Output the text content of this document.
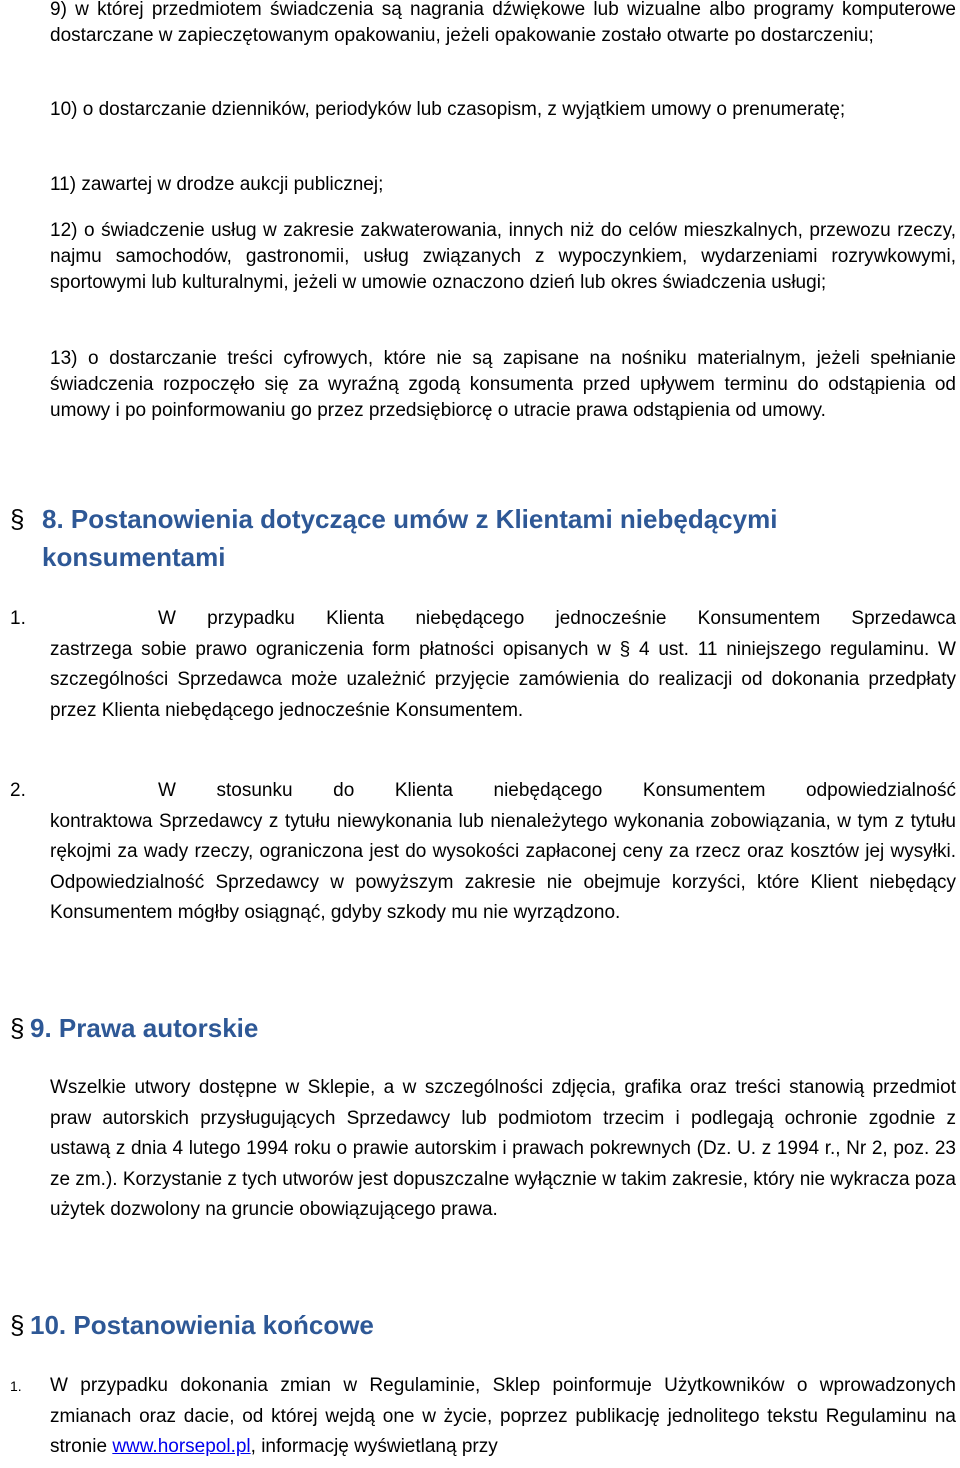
9) w której przedmiotem świadczenia są nagrania dźwiękowe lub wizualne albo programy komputerowe dostarczane w zapieczętowanym opakowaniu, jeżeli opakowanie zostało otwarte po dostarczeniu;
10) o dostarczanie dzienników, periodyków lub czasopism, z wyjątkiem umowy o prenumeratę;
11) zawartej w drodze aukcji publicznej;
12) o świadczenie usług w zakresie zakwaterowania, innych niż do celów mieszkalnych, przewozu rzeczy, najmu samochodów, gastronomii, usług związanych z wypoczynkiem, wydarzeniami rozrywkowymi, sportowymi lub kulturalnymi, jeżeli w umowie oznaczono dzień lub okres świadczenia usługi;
13) o dostarczanie treści cyfrowych, które nie są zapisane na nośniku materialnym, jeżeli spełnianie świadczenia rozpoczęło się za wyraźną zgodą konsumenta przed upływem terminu do odstąpienia od umowy i po poinformowaniu go przez przedsiębiorcę o utracie prawa odstąpienia od umowy.
§ 8. Postanowienia dotyczące umów z Klientami niebędącymi konsumentami
1.	W przypadku Klienta niebędącego jednocześnie Konsumentem Sprzedawca
zastrzega sobie prawo ograniczenia form płatności opisanych w § 4 ust. 11 niniejszego regulaminu. W szczególności Sprzedawca może uzależnić przyjęcie zamówienia do realizacji od dokonania przedpłaty przez Klienta niebędącego jednocześnie Konsumentem.
2.	W stosunku do Klienta niebędącego Konsumentem odpowiedzialność
kontraktowa Sprzedawcy z tytułu niewykonania lub nienależytego wykonania zobowiązania, w tym z tytułu rękojmi za wady rzeczy, ograniczona jest do wysokości zapłaconej ceny za rzecz oraz kosztów jej wysyłki. Odpowiedzialność Sprzedawcy w powyższym zakresie nie obejmuje korzyści, które Klient niebędący Konsumentem mógłby osiągnąć, gdyby szkody mu nie wyrządzono.
§ 9. Prawa autorskie
Wszelkie utwory dostępne w Sklepie, a w szczególności zdjęcia, grafika oraz treści stanowią przedmiot praw autorskich przysługujących Sprzedawcy lub podmiotom trzecim i podlegają ochronie zgodnie z ustawą z dnia 4 lutego 1994 roku o prawie autorskim i prawach pokrewnych (Dz. U. z 1994 r., Nr 2, poz. 23 ze zm.). Korzystanie z tych utworów jest dopuszczalne wyłącznie w takim zakresie, który nie wykracza poza użytek dozwolony na gruncie obowiązującego prawa.
§ 10. Postanowienia końcowe
1. W przypadku dokonania zmian w Regulaminie, Sklep poinformuje Użytkowników o wprowadzonych zmianach oraz dacie, od której wejdą one w życie, poprzez publikację jednolitego tekstu Regulaminu na stronie www.horsepol.pl, informację wyświetlaną przy
